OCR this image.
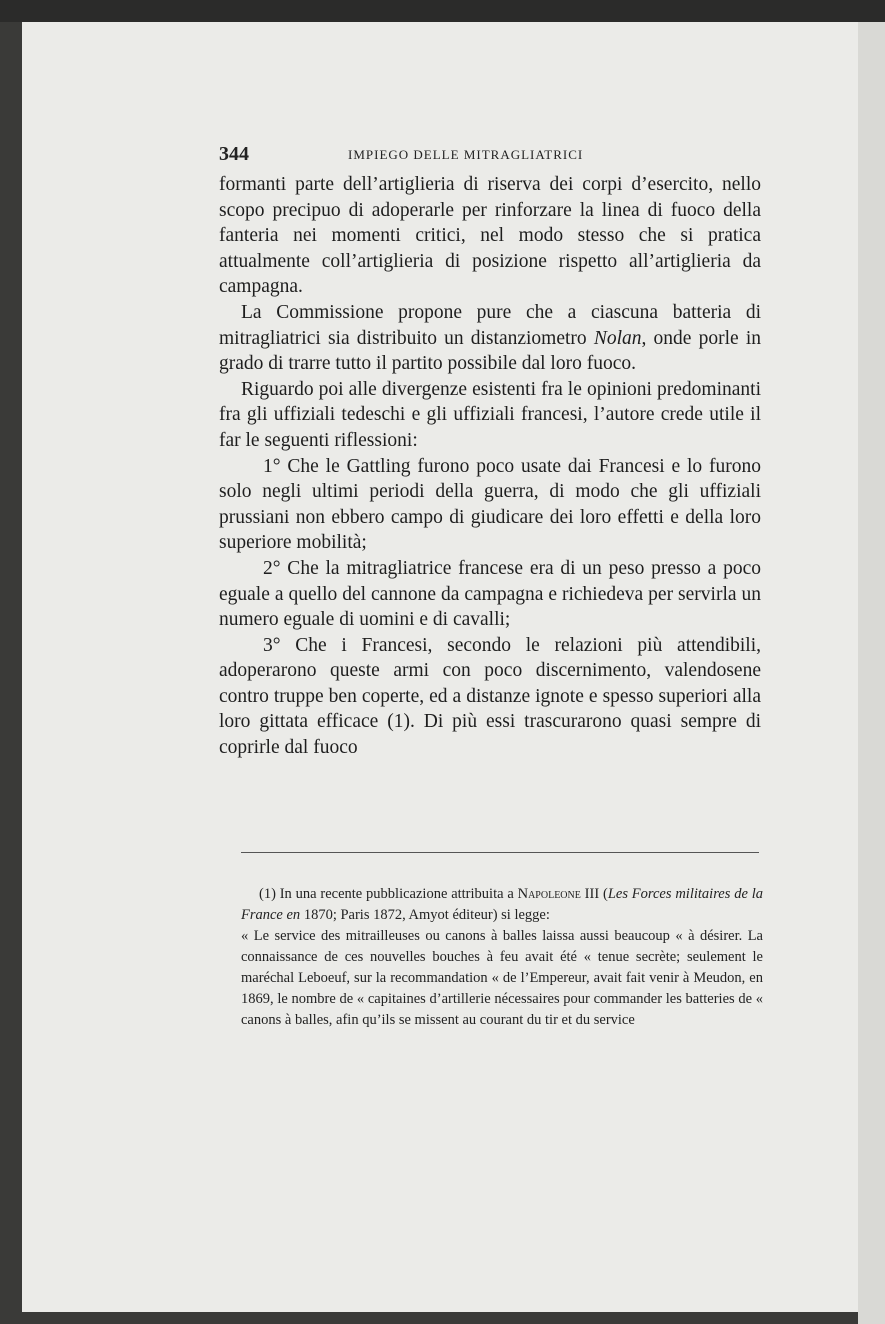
344	IMPIEGO DELLE MITRAGLIATRICI

formanti parte dell’artiglieria di riserva dei corpi d’esercito, nello scopo precipuo di adoperarle per rinforzare la linea di fuoco della fanteria nei momenti critici, nel modo stesso che si pratica attualmente coll’artiglieria di posizione rispetto all’artiglieria da campagna.

La Commissione propone pure che a ciascuna batteria di mitragliatrici sia distribuito un distanziometro Nolan, onde porle in grado di trarre tutto il partito possibile dal loro fuoco.

Riguardo poi alle divergenze esistenti fra le opinioni predominanti fra gli uffiziali tedeschi e gli uffiziali francesi, l’autore crede utile il far le seguenti riflessioni:

1° Che le Gattling furono poco usate dai Francesi e lo furono solo negli ultimi periodi della guerra, di modo che gli uffiziali prussiani non ebbero campo di giudicare dei loro effetti e della loro superiore mobilità;

2° Che la mitragliatrice francese era di un peso presso a poco eguale a quello del cannone da campagna e richiedeva per servirla un numero eguale di uomini e di cavalli;

3° Che i Francesi, secondo le relazioni più attendibili, adoperarono queste armi con poco discernimento, valendosene contro truppe ben coperte, ed a distanze ignote e spesso superiori alla loro gittata efficace (1). Di più essi trascurarono quasi sempre di coprirle dal fuoco

(1) In una recente pubblicazione attribuita a Napoleone III (Les Forces militaires de la France en 1870; Paris 1872, Amyot éditeur) si legge:

« Le service des mitrailleuses ou canons à balles laissa aussi beaucoup « à désirer. La connaissance de ces nouvelles bouches à feu avait été « tenue secrète; seulement le maréchal Leboeuf, sur la recommandation « de l’Empereur, avait fait venir à Meudon, en 1869, le nombre de « capitaines d’artillerie nécessaires pour commander les batteries de « canons à balles, afin qu’ils se missent au courant du tir et du service
